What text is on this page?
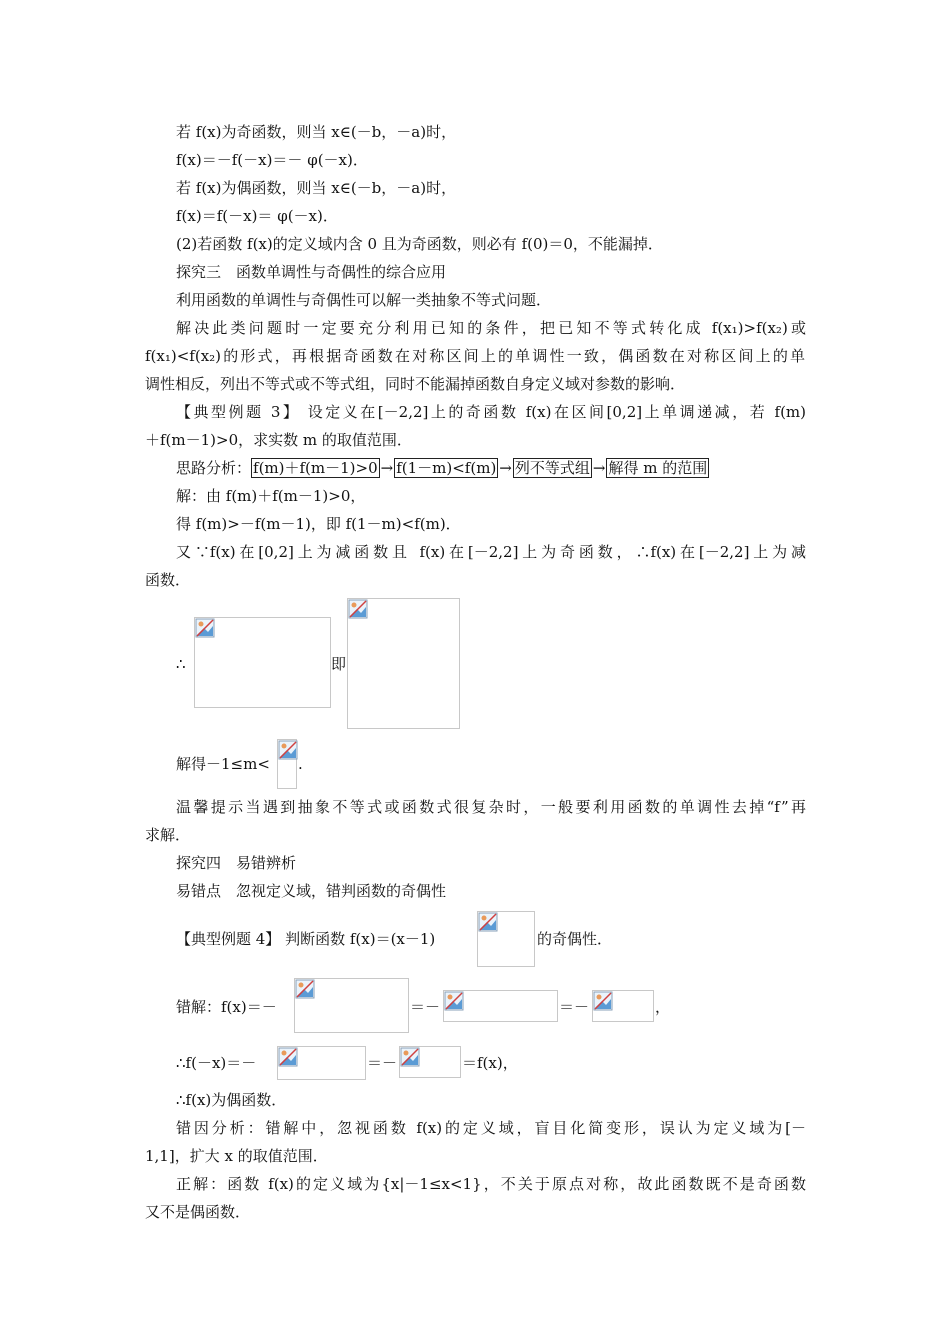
若 f(x)为奇函数，则当 x∈(－b，－a)时，
f(x)＝－f(－x)＝－ φ(－x)．
若 f(x)为偶函数，则当 x∈(－b，－a)时，
f(x)＝f(－x)＝ φ(－x)．
(2)若函数 f(x)的定义域内含 0 且为奇函数，则必有 f(0)＝0，不能漏掉．
探究三　函数单调性与奇偶性的综合应用
利用函数的单调性与奇偶性可以解一类抽象不等式问题．
解决此类问题时一定要充分利用已知的条件，把已知不等式转化成 f(x₁)>f(x₂)或
f(x₁)<f(x₂)的形式，再根据奇函数在对称区间上的单调性一致，偶函数在对称区间上的单
调性相反，列出不等式或不等式组，同时不能漏掉函数自身定义域对参数的影响．
【典型例题 3】 设定义在[－2,2]上的奇函数 f(x)在区间[0,2]上单调递减，若 f(m)
＋f(m－1)>0，求实数 m 的取值范围．
思路分析： f(m)＋f(m－1)>0 → f(1－m)<f(m) → 列不等式组 → 解得 m 的范围
解：由 f(m)＋f(m－1)>0，
得 f(m)>－f(m－1)，即 f(1－m)<f(m)．
又∵f(x)在[0,2]上为减函数且 f(x)在[－2,2]上为奇函数，∴f(x)在[－2,2]上为减
函数．
∴	即
解得－1≤m< .
温馨提示当遇到抽象不等式或函数式很复杂时，一般要利用函数的单调性去掉“f”再
求解．
探究四　易错辨析
易错点　忽视定义域，错判函数的奇偶性
【典型例题 4】 判断函数 f(x)＝(x－1)	的奇偶性．
错解：f(x)＝－	＝－	＝－	，
∴f(－x)＝－	＝－	＝f(x)，
∴f(x)为偶函数．
错因分析：错解中，忽视函数 f(x)的定义域，盲目化简变形，误认为定义域为[－
1,1]，扩大 x 的取值范围．
正解：函数 f(x)的定义域为{x|－1≤x<1}，不关于原点对称，故此函数既不是奇函数
又不是偶函数．
